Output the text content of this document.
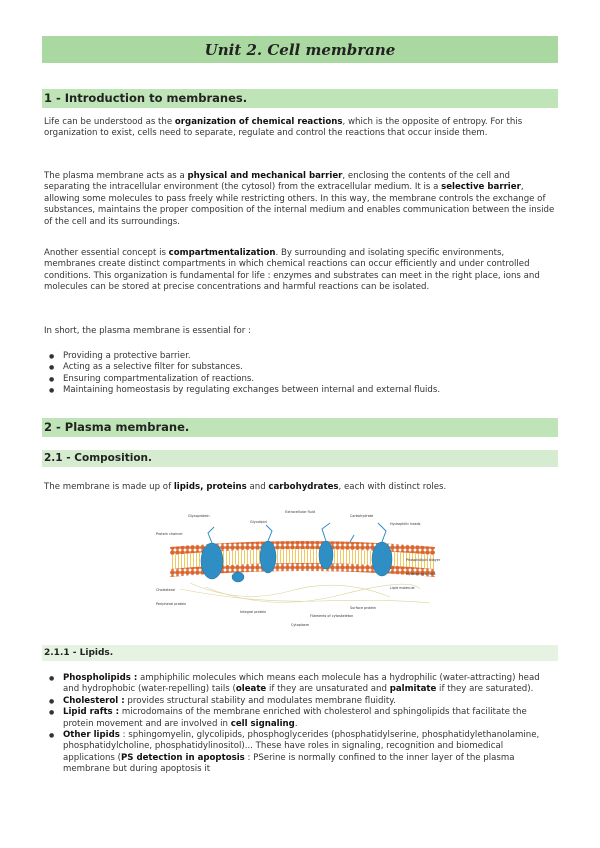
Unit 2. Cell membrane
1 - Introduction to membranes.

Life can be understood as the organization of chemical reactions, which is the opposite of entropy. For this organization to exist, cells need to separate, regulate and control the reactions that occur inside them.

The plasma membrane acts as a physical and mechanical barrier, enclosing the contents of the cell and separating the intracellular environment (the cytosol) from the extracellular medium. It is a selective barrier, allowing some molecules to pass freely while restricting others. In this way, the membrane controls the exchange of substances, maintains the proper composition of the internal medium and enables communication between the inside of the cell and its surroundings.

Another essential concept is compartmentalization. By surrounding and isolating specific environments, membranes create distinct compartments in which chemical reactions can occur efficiently and under controlled conditions. This organization is fundamental for life : enzymes and substrates can meet in the right place, ions and molecules can be stored at precise concentrations and harmful reactions can be isolated.

In short, the plasma membrane is essential for :

● Providing a protective barrier.
● Acting as a selective filter for substances.
● Ensuring compartmentalization of reactions.
● Maintaining homeostasis by regulating exchanges between internal and external fluids.
2 - Plasma membrane.
2.1 - Composition.

The membrane is made up of lipids, proteins and carbohydrates, each with distinct roles.

Extracellular fluid
Cytoplasm
Glycoprotein
Glycolipid
Carbohydrate
Hydrophilic heads
Phospholipid bilayer
Hydrophobic tails
Cholesterol
Peripheral protein
Integral protein
Filaments of cytoskeleton
Protein channel
Surface protein
Lipid molecule
2.1.1 - Lipids.
● Phospholipids : amphiphilic molecules which means each molecule has a hydrophilic (water-attracting) head and hydrophobic (water-repelling) tails (oleate if they are unsaturated and palmitate if they are saturated).
● Cholesterol : provides structural stability and modulates membrane fluidity.
● Lipid rafts : microdomains of the membrane enriched with cholesterol and sphingolipids that facilitate the protein movement and are involved in cell signaling.
● Other lipids : sphingomyelin, glycolipids, phosphoglycerides (phosphatidylserine, phosphatidylethanolamine, phosphatidylcholine, phosphatidylinositol)... These have roles in signaling, recognition and biomedical applications (PS detection in apoptosis : PSerine is normally confined to the inner layer of the plasma membrane but during apoptosis it
